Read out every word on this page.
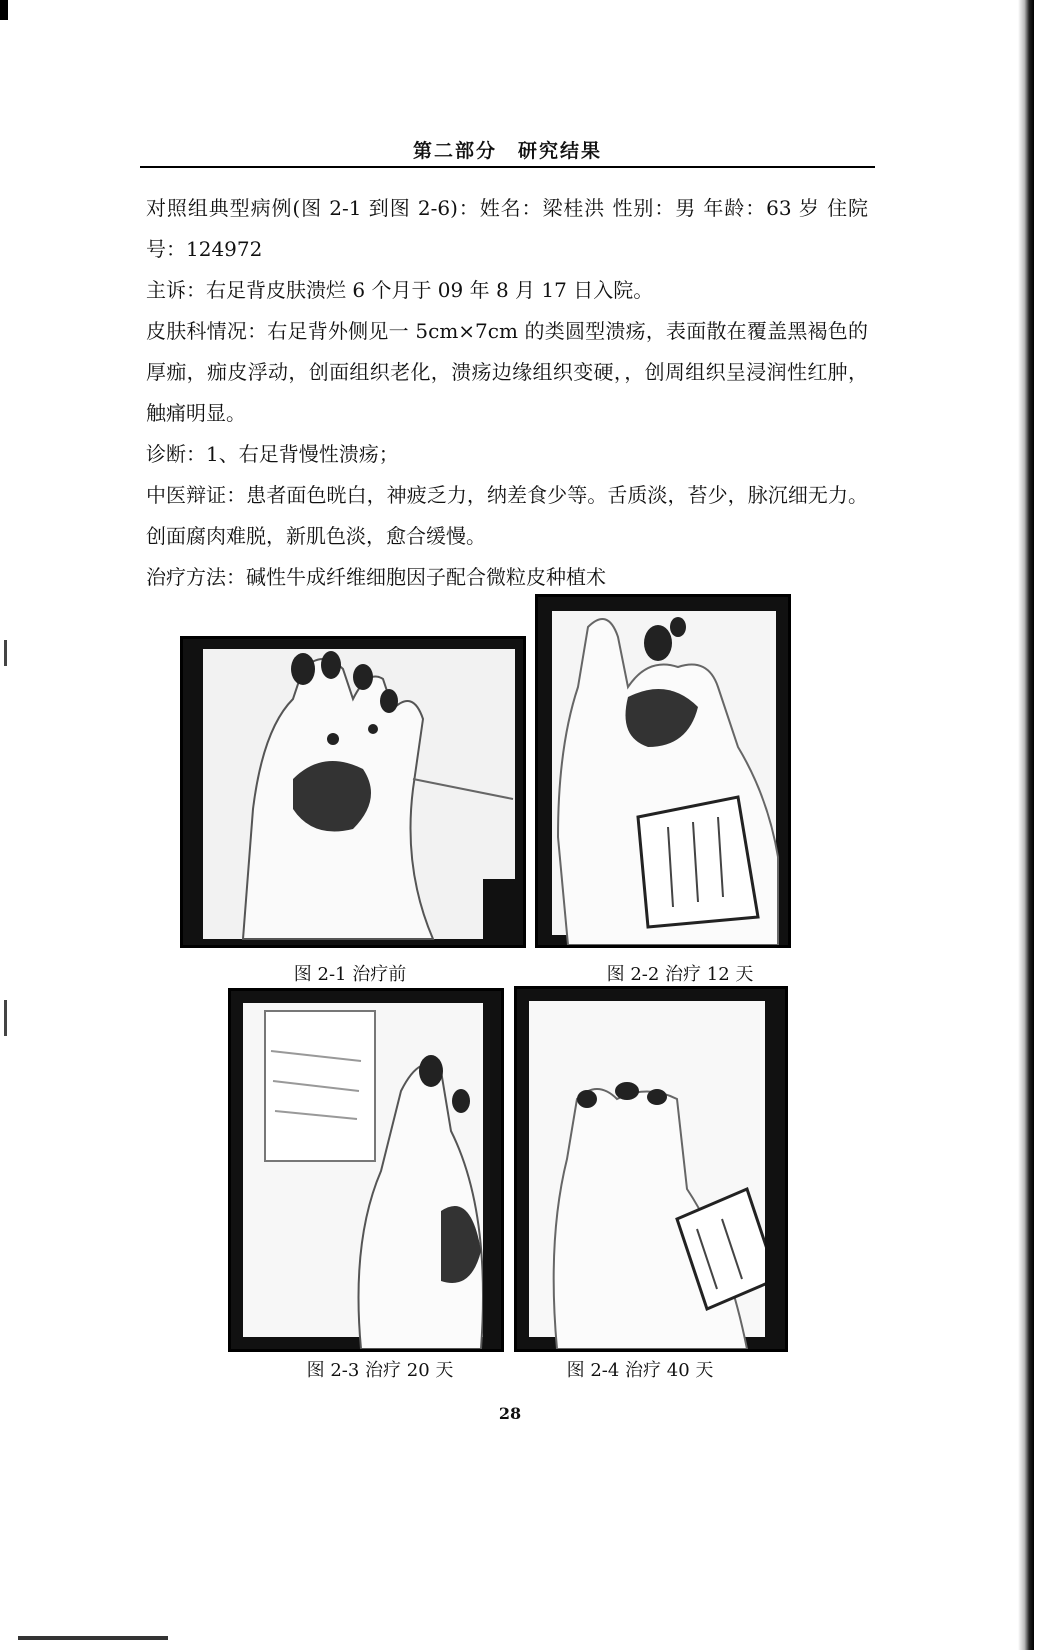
第二部分　研究结果

对照组典型病例(图 2-1 到图 2-6)：姓名：梁桂洪 性别：男 年龄：63 岁 住院号：124972

主诉：右足背皮肤溃烂 6 个月于 09 年 8 月 17 日入院。

皮肤科情况：右足背外侧见一 5cm×7cm 的类圆型溃疡，表面散在覆盖黑褐色的厚痂，痂皮浮动，创面组织老化，溃疡边缘组织变硬，，创周组织呈浸润性红肿，触痛明显。

诊断：1、右足背慢性溃疡；

中医辩证：患者面色晄白，神疲乏力，纳差食少等。舌质淡，苔少，脉沉细无力。创面腐肉难脱，新肌色淡，愈合缓慢。

治疗方法：碱性牛成纤维细胞因子配合微粒皮种植术

图 2-1 治疗前	图 2-2 治疗 12 天
图 2-3 治疗 20 天	图 2-4 治疗 40 天
28
